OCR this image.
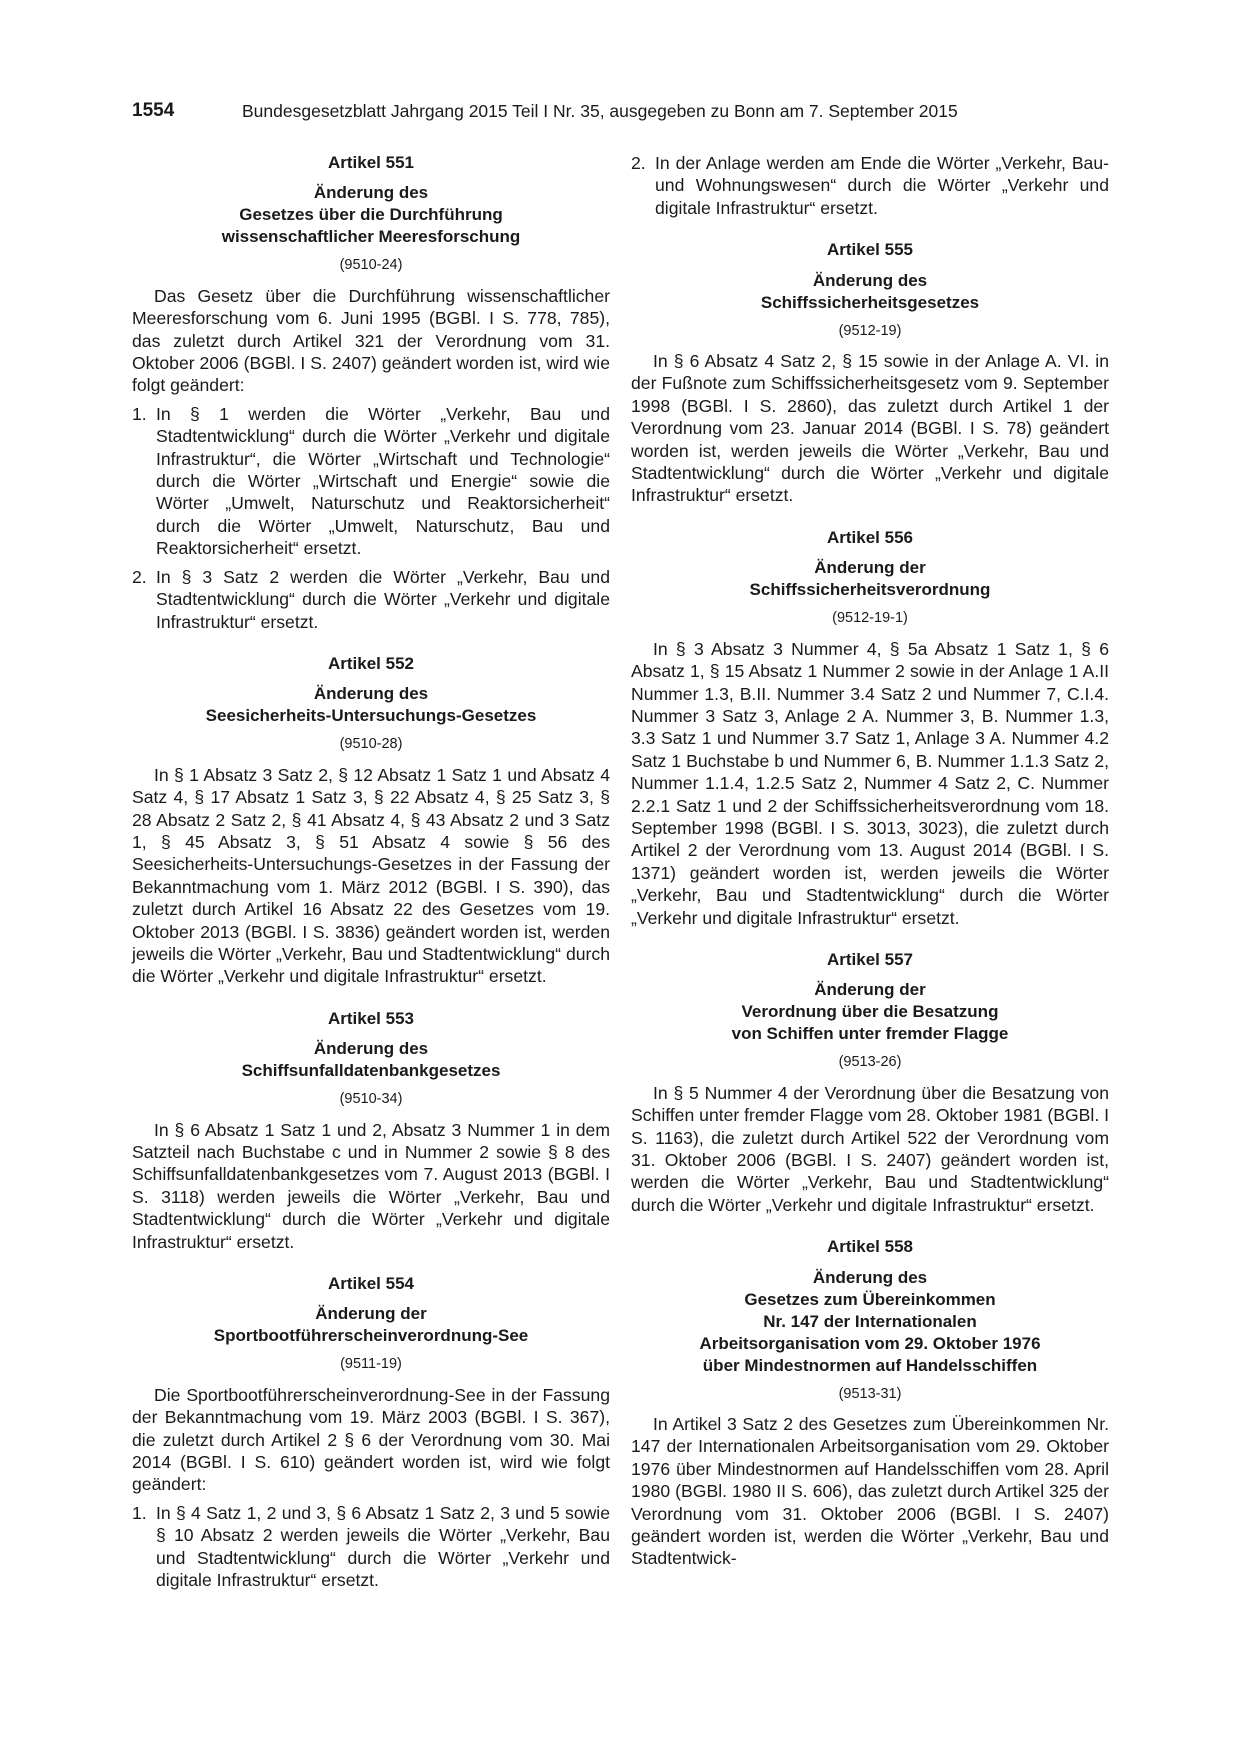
1554	Bundesgesetzblatt Jahrgang 2015 Teil I Nr. 35, ausgegeben zu Bonn am 7. September 2015
Artikel 551
Änderung des
Gesetzes über die Durchführung
wissenschaftlicher Meeresforschung
(9510-24)

Das Gesetz über die Durchführung wissenschaftlicher Meeresforschung vom 6. Juni 1995 (BGBl. I S. 778, 785), das zuletzt durch Artikel 321 der Verordnung vom 31. Oktober 2006 (BGBl. I S. 2407) geändert worden ist, wird wie folgt geändert:

1. In § 1 werden die Wörter „Verkehr, Bau und Stadtentwicklung“ durch die Wörter „Verkehr und digitale Infrastruktur“, die Wörter „Wirtschaft und Technologie“ durch die Wörter „Wirtschaft und Energie“ sowie die Wörter „Umwelt, Naturschutz und Reaktorsicherheit“ durch die Wörter „Umwelt, Naturschutz, Bau und Reaktorsicherheit“ ersetzt.
2. In § 3 Satz 2 werden die Wörter „Verkehr, Bau und Stadtentwicklung“ durch die Wörter „Verkehr und digitale Infrastruktur“ ersetzt.
Artikel 552
Änderung des
Seesicherheits-Untersuchungs-Gesetzes
(9510-28)

In § 1 Absatz 3 Satz 2, § 12 Absatz 1 Satz 1 und Absatz 4 Satz 4, § 17 Absatz 1 Satz 3, § 22 Absatz 4, § 25 Satz 3, § 28 Absatz 2 Satz 2, § 41 Absatz 4, § 43 Absatz 2 und 3 Satz 1, § 45 Absatz 3, § 51 Absatz 4 sowie § 56 des Seesicherheits-Untersuchungs-Gesetzes in der Fassung der Bekanntmachung vom 1. März 2012 (BGBl. I S. 390), das zuletzt durch Artikel 16 Absatz 22 des Gesetzes vom 19. Oktober 2013 (BGBl. I S. 3836) geändert worden ist, werden jeweils die Wörter „Verkehr, Bau und Stadtentwicklung“ durch die Wörter „Verkehr und digitale Infrastruktur“ ersetzt.

Artikel 553
Änderung des
Schiffsunfalldatenbankgesetzes
(9510-34)

In § 6 Absatz 1 Satz 1 und 2, Absatz 3 Nummer 1 in dem Satzteil nach Buchstabe c und in Nummer 2 sowie § 8 des Schiffsunfalldatenbankgesetzes vom 7. August 2013 (BGBl. I S. 3118) werden jeweils die Wörter „Verkehr, Bau und Stadtentwicklung“ durch die Wörter „Verkehr und digitale Infrastruktur“ ersetzt.

Artikel 554
Änderung der
Sportbootführerscheinverordnung-See
(9511-19)

Die Sportbootführerscheinverordnung-See in der Fassung der Bekanntmachung vom 19. März 2003 (BGBl. I S. 367), die zuletzt durch Artikel 2 § 6 der Verordnung vom 30. Mai 2014 (BGBl. I S. 610) geändert worden ist, wird wie folgt geändert:

1. In § 4 Satz 1, 2 und 3, § 6 Absatz 1 Satz 2, 3 und 5 sowie § 10 Absatz 2 werden jeweils die Wörter „Verkehr, Bau und Stadtentwicklung“ durch die Wörter „Verkehr und digitale Infrastruktur“ ersetzt.
2. In der Anlage werden am Ende die Wörter „Verkehr, Bau- und Wohnungswesen“ durch die Wörter „Verkehr und digitale Infrastruktur“ ersetzt.
Artikel 555
Änderung des
Schiffssicherheitsgesetzes
(9512-19)

In § 6 Absatz 4 Satz 2, § 15 sowie in der Anlage A. VI. in der Fußnote zum Schiffssicherheitsgesetz vom 9. September 1998 (BGBl. I S. 2860), das zuletzt durch Artikel 1 der Verordnung vom 23. Januar 2014 (BGBl. I S. 78) geändert worden ist, werden jeweils die Wörter „Verkehr, Bau und Stadtentwicklung“ durch die Wörter „Verkehr und digitale Infrastruktur“ ersetzt.

Artikel 556
Änderung der
Schiffssicherheitsverordnung
(9512-19-1)

In § 3 Absatz 3 Nummer 4, § 5a Absatz 1 Satz 1, § 6 Absatz 1, § 15 Absatz 1 Nummer 2 sowie in der Anlage 1 A.II Nummer 1.3, B.II. Nummer 3.4 Satz 2 und Nummer 7, C.I.4. Nummer 3 Satz 3, Anlage 2 A. Nummer 3, B. Nummer 1.3, 3.3 Satz 1 und Nummer 3.7 Satz 1, Anlage 3 A. Nummer 4.2 Satz 1 Buchstabe b und Nummer 6, B. Nummer 1.1.3 Satz 2, Nummer 1.1.4, 1.2.5 Satz 2, Nummer 4 Satz 2, C. Nummer 2.2.1 Satz 1 und 2 der Schiffssicherheitsverordnung vom 18. September 1998 (BGBl. I S. 3013, 3023), die zuletzt durch Artikel 2 der Verordnung vom 13. August 2014 (BGBl. I S. 1371) geändert worden ist, werden jeweils die Wörter „Verkehr, Bau und Stadtentwicklung“ durch die Wörter „Verkehr und digitale Infrastruktur“ ersetzt.

Artikel 557
Änderung der
Verordnung über die Besatzung
von Schiffen unter fremder Flagge
(9513-26)

In § 5 Nummer 4 der Verordnung über die Besatzung von Schiffen unter fremder Flagge vom 28. Oktober 1981 (BGBl. I S. 1163), die zuletzt durch Artikel 522 der Verordnung vom 31. Oktober 2006 (BGBl. I S. 2407) geändert worden ist, werden die Wörter „Verkehr, Bau und Stadtentwicklung“ durch die Wörter „Verkehr und digitale Infrastruktur“ ersetzt.

Artikel 558
Änderung des
Gesetzes zum Übereinkommen
Nr. 147 der Internationalen
Arbeitsorganisation vom 29. Oktober 1976
über Mindestnormen auf Handelsschiffen
(9513-31)

In Artikel 3 Satz 2 des Gesetzes zum Übereinkommen Nr. 147 der Internationalen Arbeitsorganisation vom 29. Oktober 1976 über Mindestnormen auf Handelsschiffen vom 28. April 1980 (BGBl. 1980 II S. 606), das zuletzt durch Artikel 325 der Verordnung vom 31. Oktober 2006 (BGBl. I S. 2407) geändert worden ist, werden die Wörter „Verkehr, Bau und Stadtentwick-
